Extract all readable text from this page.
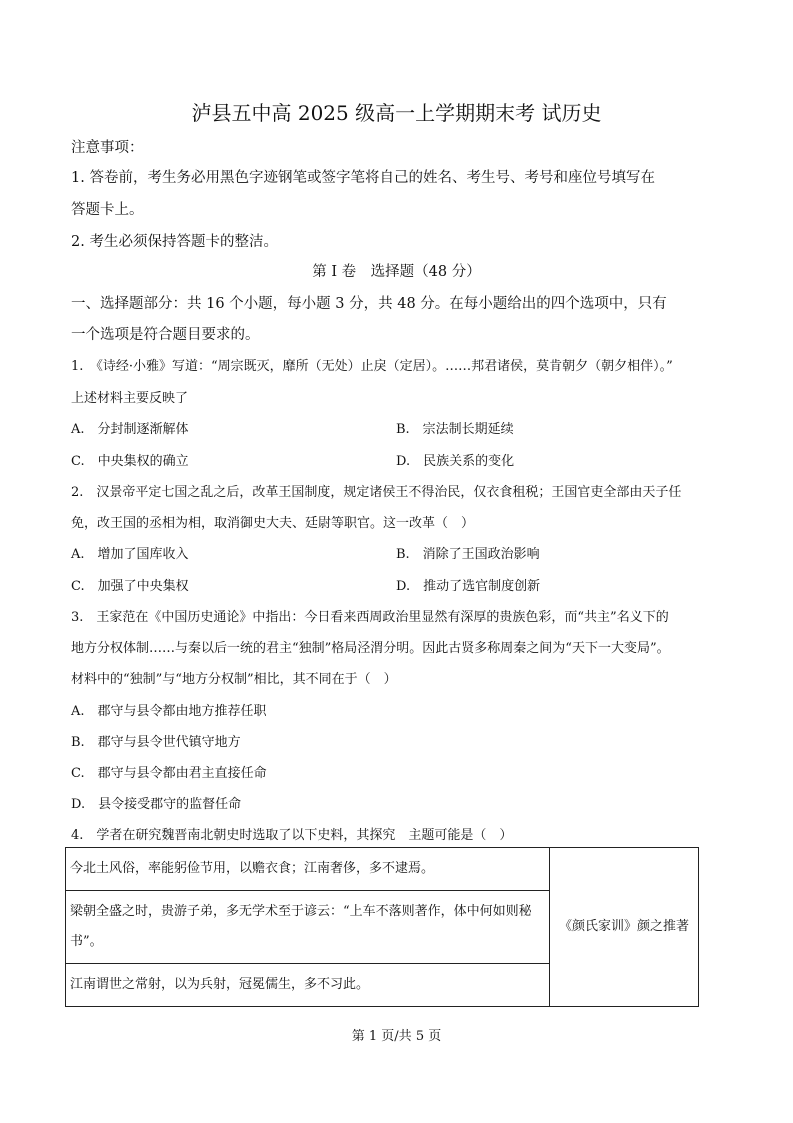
泸县五中高 2025 级高一上学期期末考 试历史
注意事项：
1. 答卷前，考生务必用黑色字迹钢笔或签字笔将自己的姓名、考生号、考号和座位号填写在
答题卡上。
2. 考生必须保持答题卡的整洁。
第 I 卷　选择题（48 分）
一、选择题部分：共 16 个小题，每小题 3 分，共 48 分。在每小题给出的四个选项中，只有
一个选项是符合题目要求的。
1.　《诗经·小雅》写道：“周宗既灭，靡所（无处）止戾（定居）。……邦君诸侯，莫肯朝夕（朝夕相伴）。”
上述材料主要反映了
A.　分封制逐渐解体	B.　宗法制长期延续
C.　中央集权的确立	D.　民族关系的变化
2.　汉景帝平定七国之乱之后，改革王国制度，规定诸侯王不得治民，仅衣食租税；王国官吏全部由天子任
免，改王国的丞相为相，取消御史大夫、廷尉等职官。这一改革（　）
A.　增加了国库收入	B.　消除了王国政治影响
C.　加强了中央集权	D.　推动了选官制度创新
3.　王家范在《中国历史通论》中指出：今日看来西周政治里显然有深厚的贵族色彩，而“共主”名义下的
地方分权体制……与秦以后一统的君主“独制”格局泾渭分明。因此古贤多称周秦之间为“天下一大变局”。
材料中的“独制”与“地方分权制”相比，其不同在于（　）
A.　郡守与县令都由地方推荐任职
B.　郡守与县令世代镇守地方
C.　郡守与县令都由君主直接任命
D.　县令接受郡守的监督任命
4.　学者在研究魏晋南北朝史时选取了以下史料，其探究　主题可能是（　）
今北土风俗，率能躬俭节用，以赡衣食；江南奢侈，多不逮焉。	《颜氏家训》颜之推著
梁朝全盛之时，贵游子弟，多无学术至于谚云：“上车不落则著作，体中何如则秘书”。
江南谓世之常射，以为兵射，冠冕儒生，多不习此。
第 1 页/共 5 页
